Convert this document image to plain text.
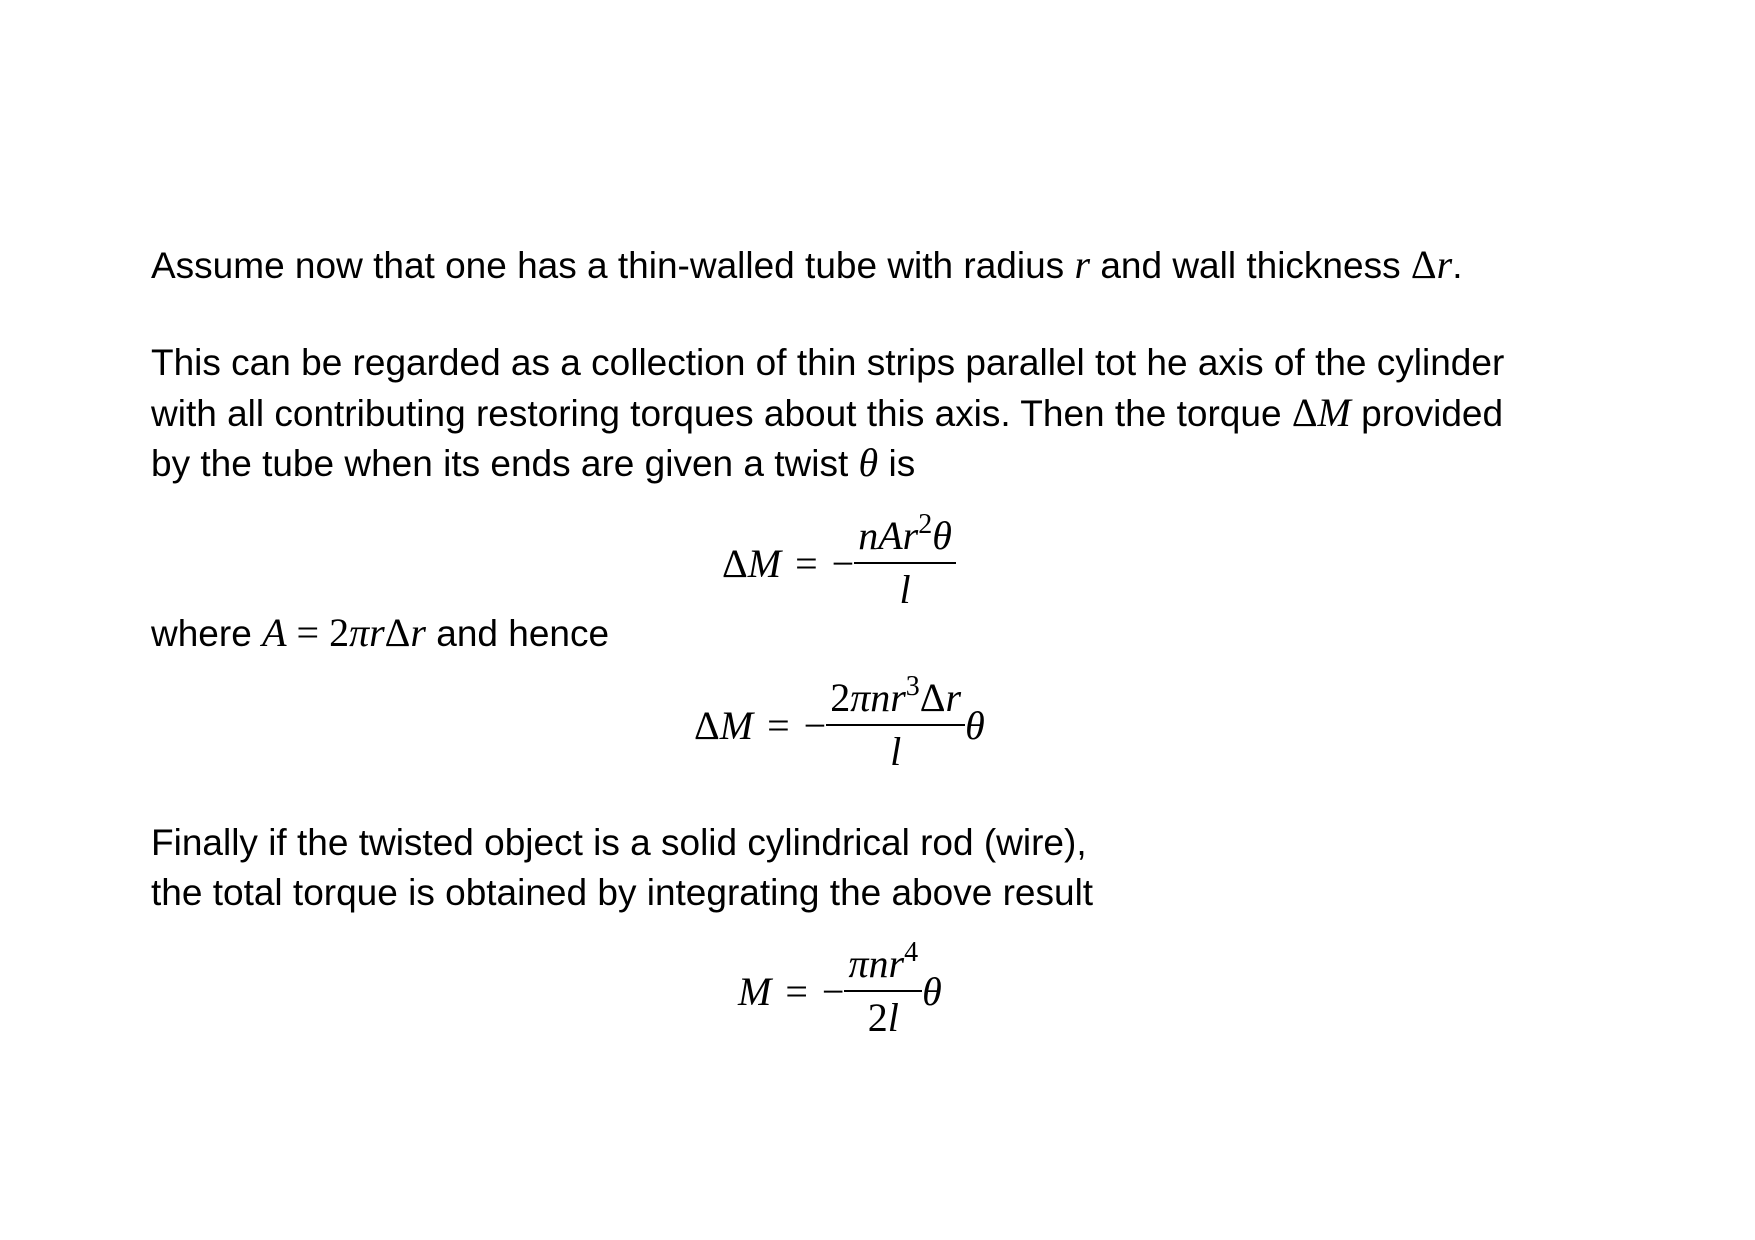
Assume now that one has a thin-walled tube with radius r and wall thickness Δr.
This can be regarded as a collection of thin strips parallel tot he axis of the cylinder
with all contributing restoring torques about this axis. Then the torque ΔM provided
by the tube when its ends are given a twist θ is
Δ M = − $\frac{nAr^2\theta}{l}$
where A = 2πrΔr and hence
Δ M = − $\frac{2\pi nr^3\Delta r}{l}$ θ
Finally if the twisted object is a solid cylindrical rod (wire),
the total torque is obtained by integrating the above result
M = − $\frac{\pi nr^4}{2l}$ θ
